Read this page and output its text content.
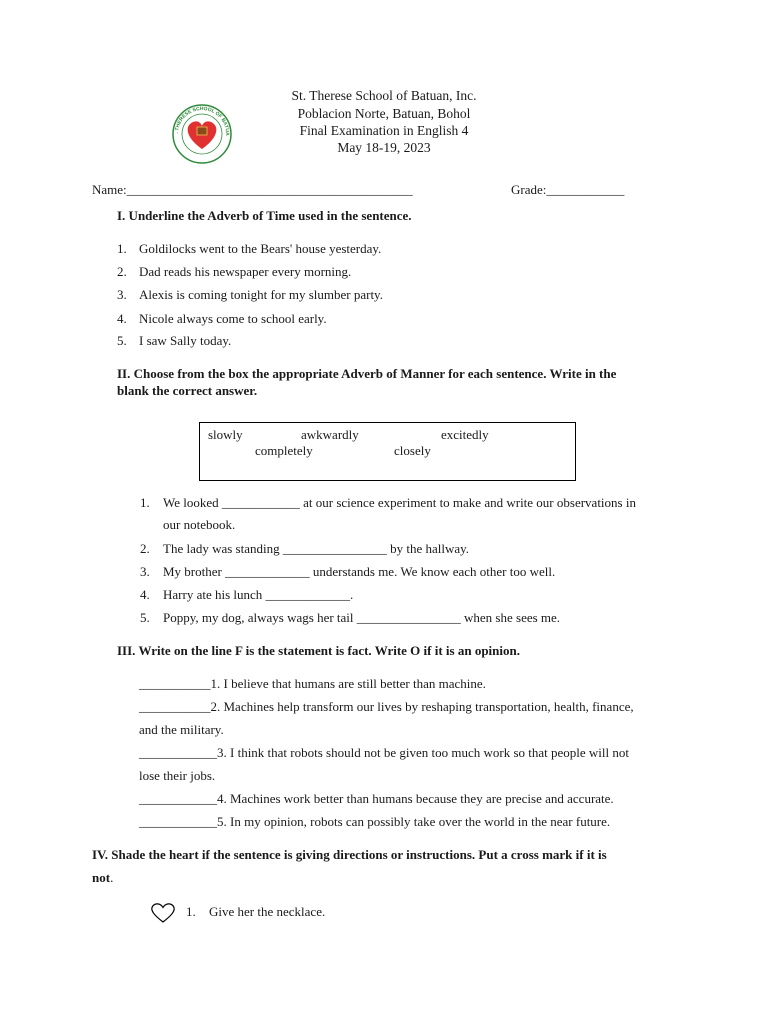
. THERESE SCHOOL OF BATUA
St. Therese School of Batuan, Inc.
Poblacion Norte, Batuan, Bohol
Final Examination in English 4
May 18-19, 2023
Name:____________________________________________	Grade:____________
I. Underline the Adverb of Time used in the sentence.
1. Goldilocks went to the Bears' house yesterday.
2. Dad reads his newspaper every morning.
3. Alexis is coming tonight for my slumber party.
4. Nicole always come to school early.
5. I saw Sally today.
II. Choose from the box the appropriate Adverb of Manner for each sentence. Write in the
blank the correct answer.
slowly	awkwardly	excitedly
completely	closely
1. We looked ____________ at our science experiment to make and write our observations in
our notebook.
2. The lady was standing ________________ by the hallway.
3. My brother _____________ understands me. We know each other too well.
4. Harry ate his lunch _____________.
5. Poppy, my dog, always wags her tail ________________ when she sees me.
III. Write on the line F is the statement is fact. Write O if it is an opinion.
___________1. I believe that humans are still better than machine.
___________2. Machines help transform our lives by reshaping transportation, health, finance,
and the military.
____________3. I think that robots should not be given too much work so that people will not
lose their jobs.
____________4. Machines work better than humans because they are precise and accurate.
____________5. In my opinion, robots can possibly take over the world in the near future.
IV. Shade the heart if the sentence is giving directions or instructions. Put a cross mark if it is
not.
1. Give her the necklace.
